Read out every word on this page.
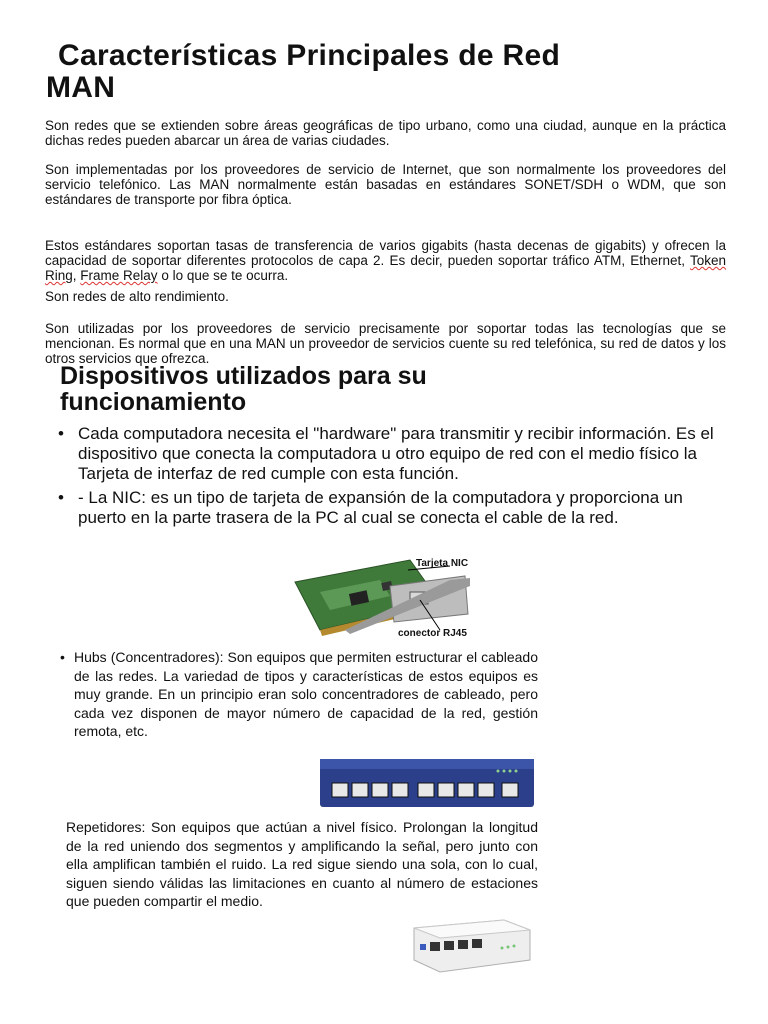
Características Principales de Red
MAN
Son redes que se extienden sobre áreas geográficas de tipo urbano, como una ciudad, aunque en la práctica dichas redes pueden abarcar un área de varias ciudades.
Son implementadas por los proveedores de servicio de Internet, que son normalmente los proveedores del servicio telefónico. Las MAN normalmente están basadas en estándares SONET/SDH o WDM, que son estándares de transporte por fibra óptica.
Estos estándares soportan tasas de transferencia de varios gigabits (hasta decenas de gigabits) y ofrecen la capacidad de soportar diferentes protocolos de capa 2. Es decir, pueden soportar tráfico ATM, Ethernet, Token Ring, Frame Relay o lo que se te ocurra.
Son redes de alto rendimiento.
Son utilizadas por los proveedores de servicio precisamente por soportar todas las tecnologías que se mencionan. Es normal que en una MAN un proveedor de servicios cuente su red telefónica, su red de datos y los otros servicios que ofrezca.
Dispositivos utilizados para su
funcionamiento
• Cada computadora necesita el "hardware" para transmitir y recibir información. Es el dispositivo que conecta la computadora u otro equipo de red con el medio físico la Tarjeta de interfaz de red cumple con esta función.
• - La NIC: es un tipo de tarjeta de expansión de la computadora y proporciona un puerto en la parte trasera de la PC al cual se conecta el cable de la red.
Tarjeta NIC
conector RJ45
• Hubs (Concentradores): Son equipos que permiten estructurar el cableado de las redes. La variedad de tipos y características de estos equipos es muy grande. En un principio eran solo concentradores de cableado, pero cada vez disponen de mayor número de capacidad de la red, gestión remota, etc.
Repetidores: Son equipos que actúan a nivel físico. Prolongan la longitud de la red uniendo dos segmentos y amplificando la señal, pero junto con ella amplifican también el ruido. La red sigue siendo una sola, con lo cual, siguen siendo válidas las limitaciones en cuanto al número de estaciones que pueden compartir el medio.
